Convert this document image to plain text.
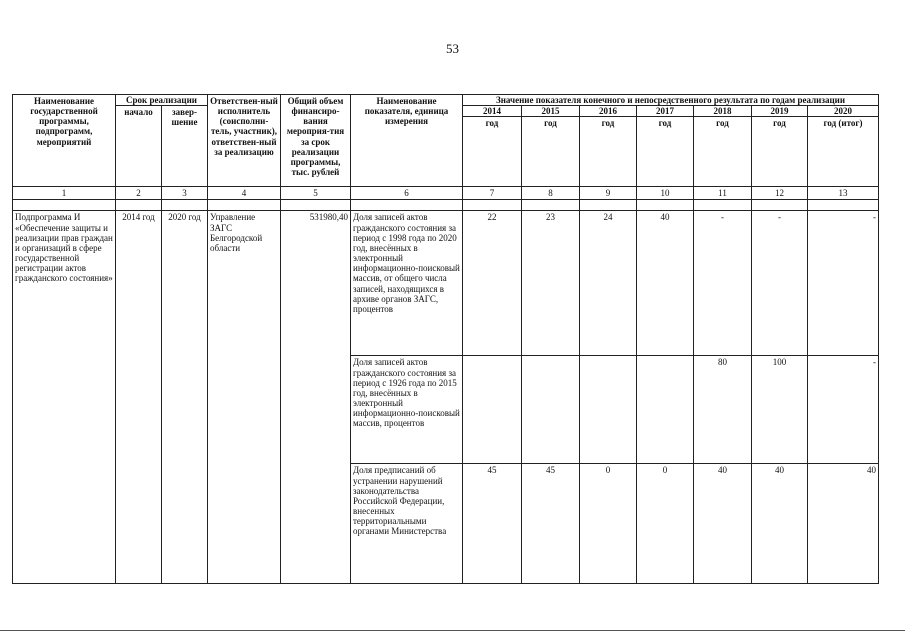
53
Наименование государственной программы, подпрограмм, мероприятий	Срок реализации		Ответствен-ный исполнитель (соисполни-тель, участник), ответствен-ный за реализацию	Общий объем финансиро-вания мероприя-тия за срок реализации программы, тыс. рублей	Наименование показателя, единица измерения	Значение показателя конечного и непосредственного результата по годам реализации						
	начало	завер-шение				2014	2015	2016	2017	2018	2019	2020
						год	год	год	год	год	год	год (итог)
1	2	3	4	5	6	7	8	9	10	11	12	13

Подпрограмма И «Обеспечение защиты и реализации прав граждан и организаций в сфере государственной регистрации актов гражданского состояния»	2014 год	2020 год	Управление ЗАГС Белгородской области	531980,40	Доля записей актов гражданского состояния за период с 1998 года по 2020 год, внесённых в электронный информационно-поисковый массив, от общего числа записей, находящихся в архиве органов ЗАГС, процентов	22	23	24	40	-	-	-
					Доля записей актов гражданского состояния за период с 1926 года по 2015 год, внесённых в электронный информационно-поисковый массив, процентов					80	100	-
					Доля предписаний об устранении нарушений законодательства Российской Федерации, внесенных территориальными органами Министерства	45	45	0	0	40	40	40
